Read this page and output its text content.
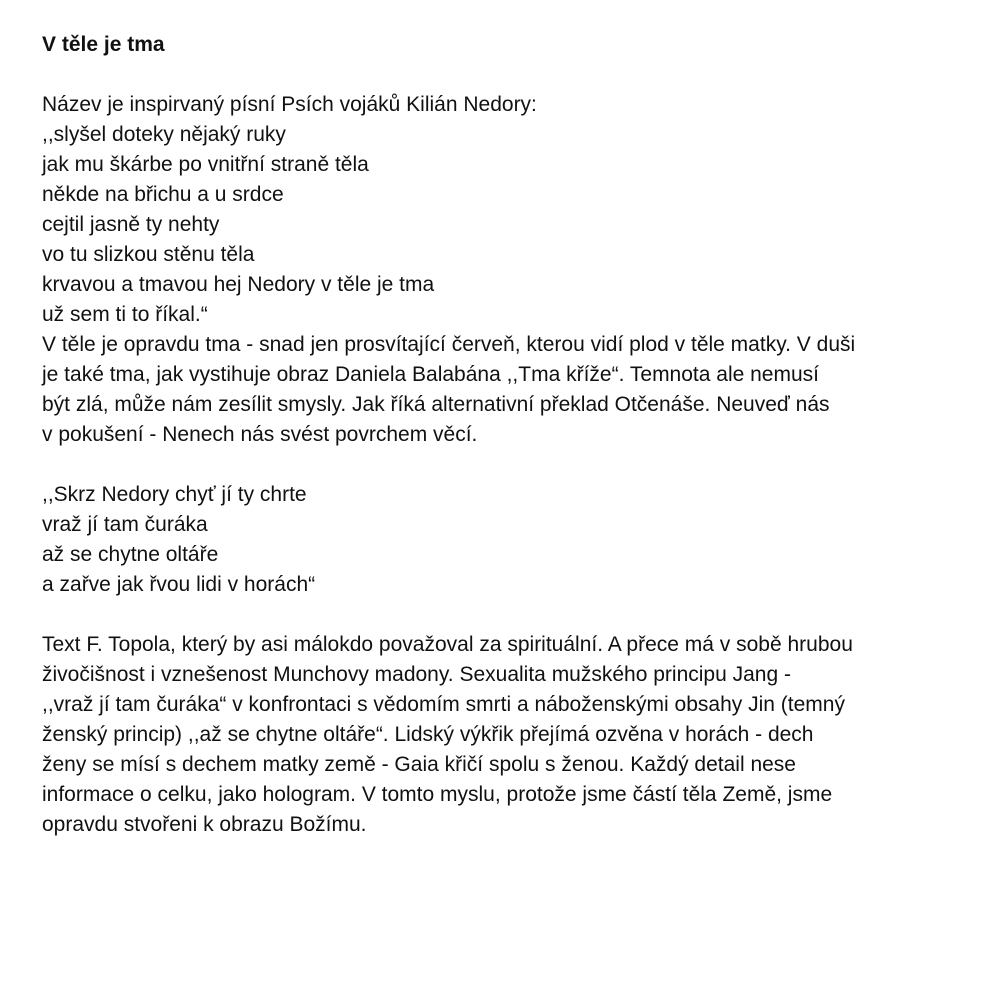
V těle je tma
Název je inspirvaný písní Psích vojáků Kilián Nedory:
,,slyšel doteky nějaký ruky
jak mu škárbe po vnitřní straně těla
někde na břichu a u srdce
cejtil jasně ty nehty
vo tu slizkou stěnu těla
krvavou a tmavou hej Nedory v těle je tma
už sem ti to říkal.“
V těle je opravdu tma - snad jen prosvítající červeň, kterou vidí plod v těle matky. V duši
je také tma, jak vystihuje obraz Daniela Balabána ,,Tma kříže“. Temnota ale nemusí
být zlá, může nám zesílit smysly. Jak říká alternativní překlad Otčenáše. Neuveď nás
v pokušení - Nenech nás svést povrchem věcí.
,,Skrz Nedory chyť jí ty chrte
vraž jí tam čuráka
až se chytne oltáře
a zařve jak řvou lidi v horách“
Text F. Topola, který by asi málokdo považoval za spirituální. A přece má v sobě hrubou
živočišnost i vznešenost Munchovy madony. Sexualita mužského principu Jang -
,,vraž jí tam čuráka“ v konfrontaci s vědomím smrti a náboženskými obsahy Jin (temný
ženský princip) ,,až se chytne oltáře“. Lidský výkřik přejímá ozvěna v horách - dech
ženy se mísí s dechem matky země - Gaia křičí spolu s ženou. Každý detail nese
informace o celku, jako hologram. V tomto myslu, protože jsme částí těla Země, jsme
opravdu stvořeni k obrazu Božímu.
